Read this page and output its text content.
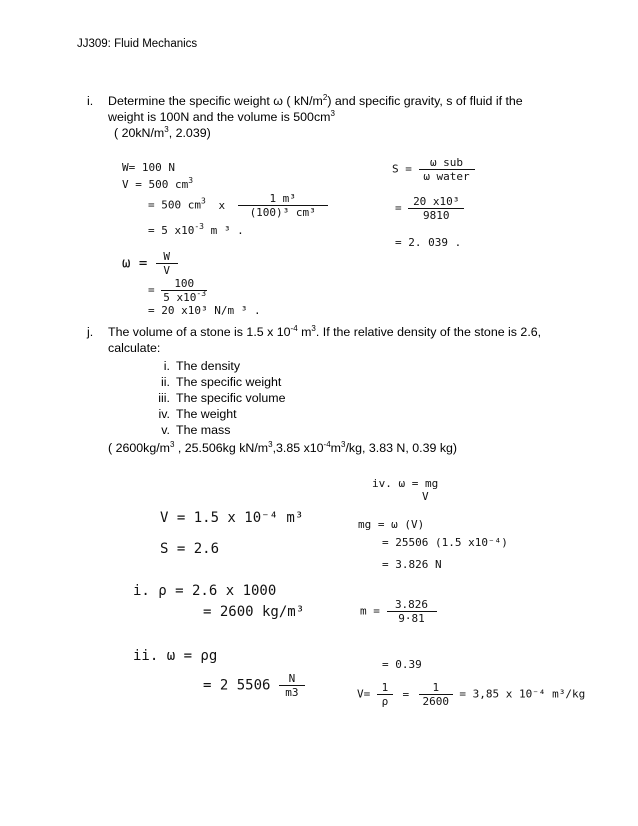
JJ309: Fluid Mechanics
i. Determine the specific weight ω ( $kN/m^2$) and specific gravity, s of fluid if the
weight is 100N and the volume is $500cm^3$
( $20kN/m^3$, 2.039)
W= 100 N
V = 500 $cm^3$
= 500 $cm^3$ x $\frac{\text{1 m³}}{\text{(100)³ cm³}}$
= 5 $x10^{-3}$ m ³ .
$\omega = \frac{W}{V}$
= $\frac{100}{5 x10^{-3}}$
= 20 x10³ N/m ³ .
$S = \frac{\text{ω sub}}{\text{ω water}}$
= $\frac{\text{20 x10³}}{9810}$
= 2. 039 .
j. The volume of a stone is 1.5 x $10^{-4}$ $m^3$. If the relative density of the stone is 2.6,
calculate:
i. The density
ii. The specific weight
iii. The specific volume
iv. The weight
v. The mass
( $2600kg/m^3$ , 25.506kg $kN/m^3,3.85$ $x10^{-4}m^3/kg$, 3.83 N, 0.39 kg)
V = 1.5 x 10⁻⁴ m³
S = 2.6
i. ρ = 2.6 x 1000
= 2600 kg/m³
ii. ω = ρg
= 2 $5506 \frac{N}{m3}$
iv. ω = mg
V
mg = ω (V)
= 25506 (1.5 x10⁻⁴)
= 3.826 N
$m = \frac{3.826}{9\cdot 81}$
= 0.39
$V= \frac{1}{\rho} = \frac{1}{2600} = 3,85$ x 10⁻⁴ m³/kg
